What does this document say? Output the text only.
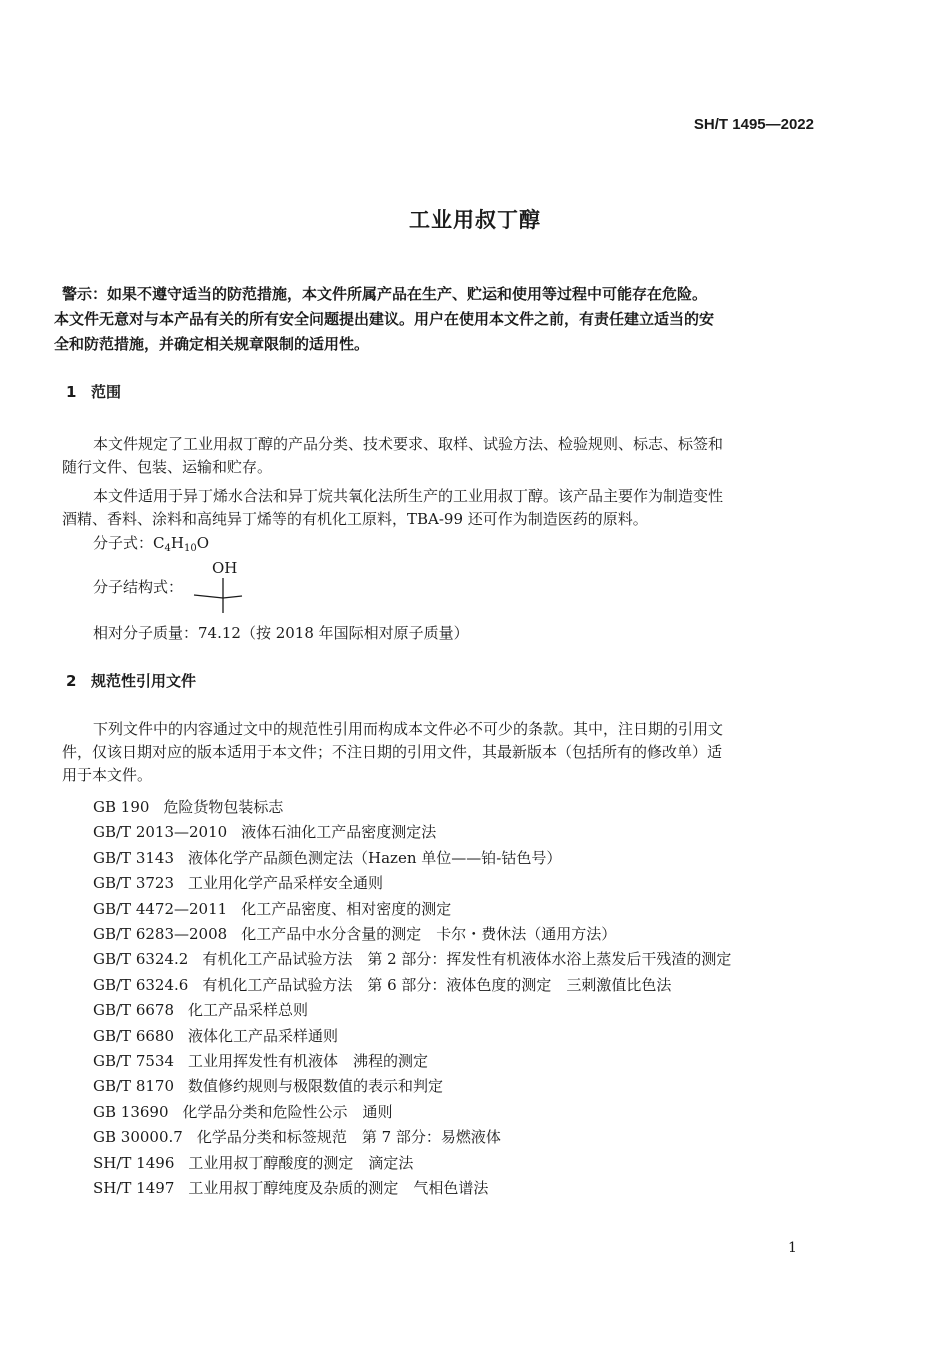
SH/T 1495—2022
工业用叔丁醇
警示：如果不遵守适当的防范措施，本文件所属产品在生产、贮运和使用等过程中可能存在危险。
本文件无意对与本产品有关的所有安全问题提出建议。用户在使用本文件之前，有责任建立适当的安
全和防范措施，并确定相关规章限制的适用性。
1 范围
本文件规定了工业用叔丁醇的产品分类、技术要求、取样、试验方法、检验规则、标志、标签和
随行文件、包装、运输和贮存。
本文件适用于异丁烯水合法和异丁烷共氧化法所生产的工业用叔丁醇。该产品主要作为制造变性
酒精、香料、涂料和高纯异丁烯等的有机化工原料，TBA-99 还可作为制造医药的原料。
分子式：$C_4H_{10}O$
分子结构式：
OH
相对分子质量：74.12（按 2018 年国际相对原子质量）
2 规范性引用文件
下列文件中的内容通过文中的规范性引用而构成本文件必不可少的条款。其中，注日期的引用文
件，仅该日期对应的版本适用于本文件；不注日期的引用文件，其最新版本（包括所有的修改单）适
用于本文件。
GB 190 危险货物包装标志
GB/T 2013—2010 液体石油化工产品密度测定法
GB/T 3143 液体化学产品颜色测定法（Hazen 单位——铂-钴色号）
GB/T 3723 工业用化学产品采样安全通则
GB/T 4472—2011 化工产品密度、相对密度的测定
GB/T 6283—2008 化工产品中水分含量的测定　卡尔・费休法（通用方法）
GB/T 6324.2 有机化工产品试验方法　第 2 部分：挥发性有机液体水浴上蒸发后干残渣的测定
GB/T 6324.6 有机化工产品试验方法　第 6 部分：液体色度的测定　三刺激值比色法
GB/T 6678 化工产品采样总则
GB/T 6680 液体化工产品采样通则
GB/T 7534 工业用挥发性有机液体　沸程的测定
GB/T 8170 数值修约规则与极限数值的表示和判定
GB 13690 化学品分类和危险性公示　通则
GB 30000.7 化学品分类和标签规范　第 7 部分：易燃液体
SH/T 1496 工业用叔丁醇酸度的测定　滴定法
SH/T 1497 工业用叔丁醇纯度及杂质的测定　气相色谱法
1
